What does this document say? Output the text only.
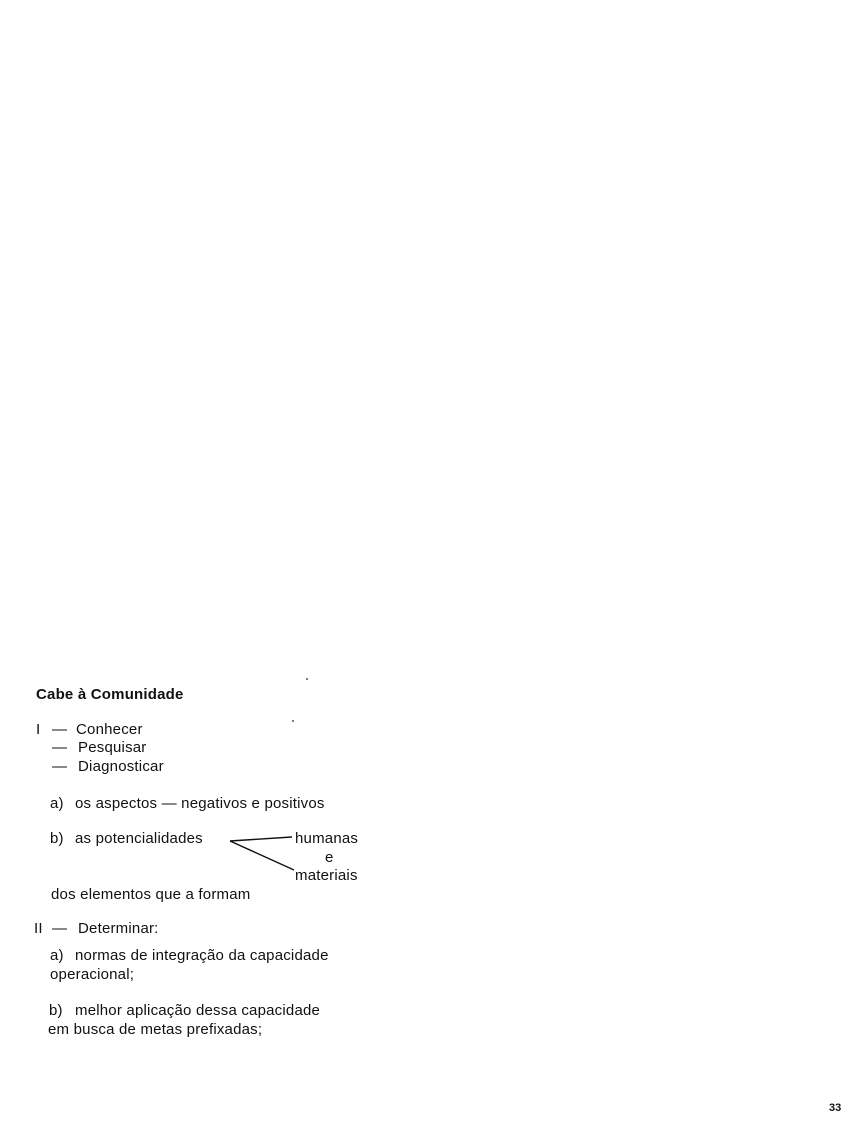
Cabe à Comunidade
I — Conhecer
— Pesquisar
— Diagnosticar
a) os aspectos — negativos e positivos
b) as potencialidades	humanas
e
materiais
dos elementos que a formam
II — Determinar:
a) normas de integração da capacidade
operacional;
b) melhor aplicação dessa capacidade
em busca de metas prefixadas;
33
